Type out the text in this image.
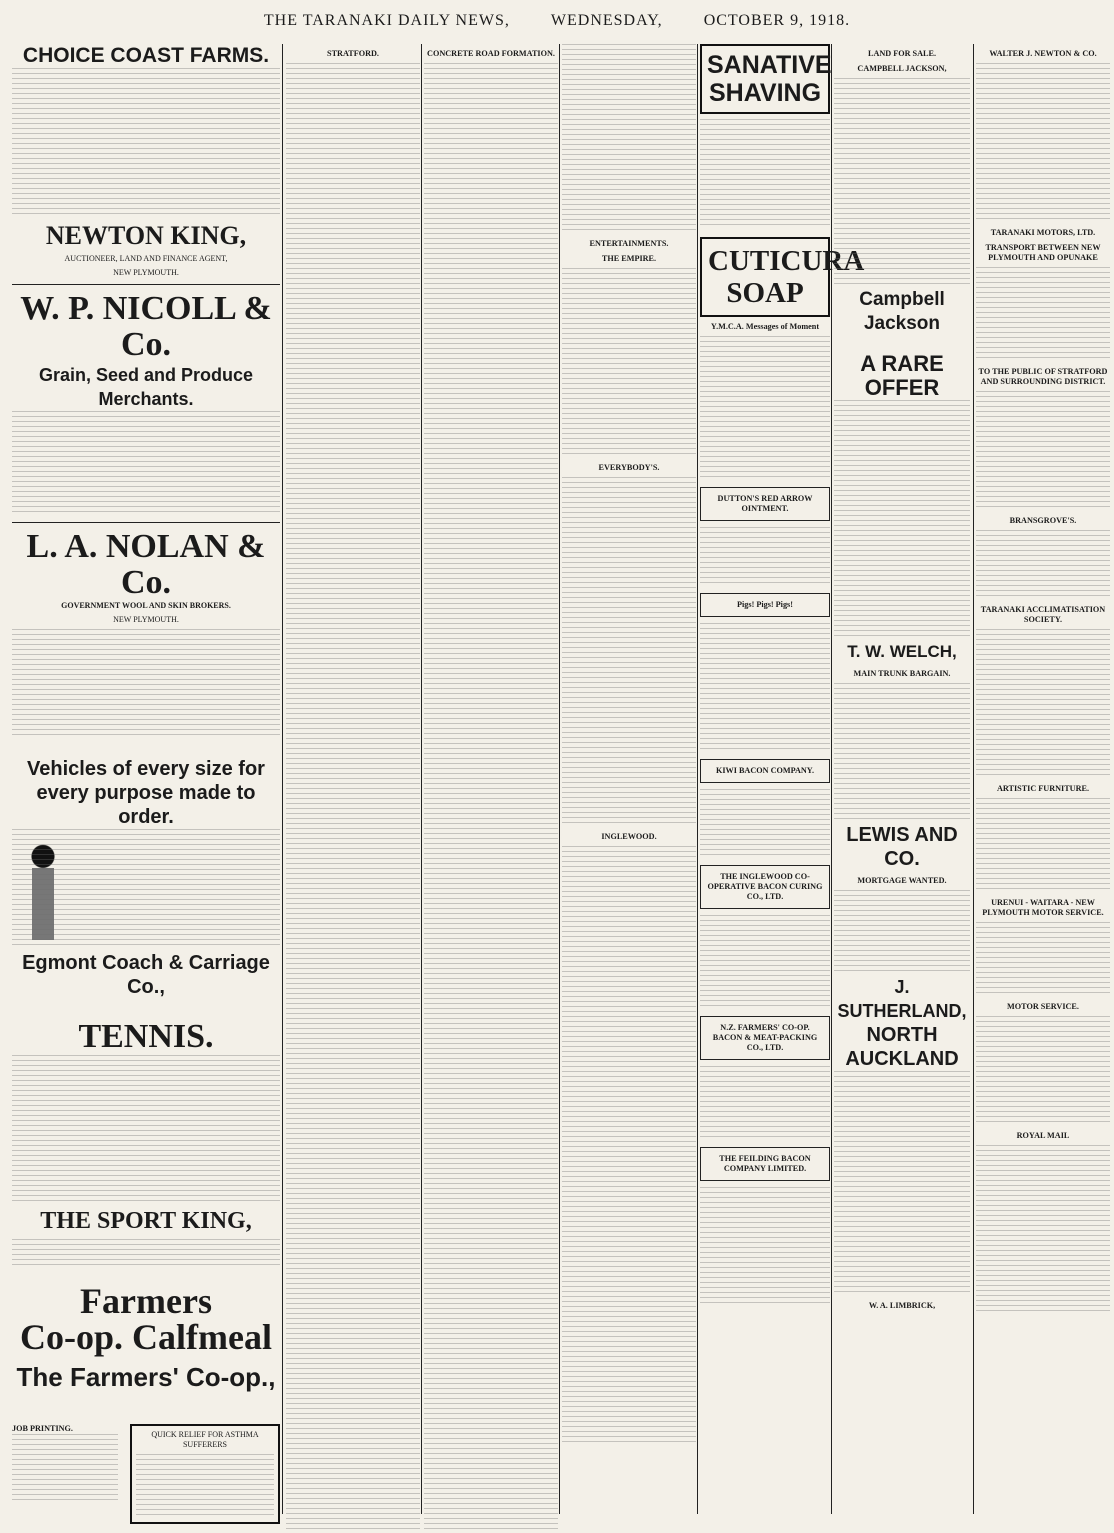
THE TARANAKI DAILY NEWS,	WEDNESDAY,	OCTOBER 9, 1918.
CHOICE COAST FARMS.
NEWTON KING,
AUCTIONEER, LAND AND FINANCE AGENT,
NEW PLYMOUTH.
W. P. NICOLL & Co.
Grain, Seed and Produce Merchants.
L. A. NOLAN & Co.
GOVERNMENT WOOL AND SKIN BROKERS.
NEW PLYMOUTH.
Vehicles of every size for every purpose made to order.
Egmont Coach & Carriage Co.,
TENNIS.
THE SPORT KING,
Farmers
Co-op. Calfmeal
The Farmers' Co-op.,
JOB PRINTING.
QUICK RELIEF FOR ASTHMA SUFFERERS
STRATFORD.	CONCRETE ROAD FORMATION.
ENTERTAINMENTS.
THE EMPIRE.
EVERYBODY'S.
INGLEWOOD.
SANATIVE SHAVING
CUTICURA SOAP
Y.M.C.A. Messages of Moment
DUTTON'S RED ARROW OINTMENT.
Pigs! Pigs! Pigs!
KIWI BACON COMPANY.
THE INGLEWOOD CO-OPERATIVE BACON CURING CO., LTD.
N.Z. FARMERS' CO-OP. BACON & MEAT-PACKING CO., LTD.
THE FEILDING BACON COMPANY LIMITED.
LAND FOR SALE.
CAMPBELL JACKSON,
Campbell Jackson
A RARE OFFER
T. W. WELCH,
MAIN TRUNK BARGAIN.
LEWIS AND CO.
MORTGAGE WANTED.
J. SUTHERLAND,
NORTH AUCKLAND
W. A. LIMBRICK,
WALTER J. NEWTON & CO.
TARANAKI MOTORS, LTD.
TRANSPORT BETWEEN NEW PLYMOUTH AND OPUNAKE
TO THE PUBLIC OF STRATFORD AND SURROUNDING DISTRICT.
BRANSGROVE'S.
TARANAKI ACCLIMATISATION SOCIETY.
ARTISTIC FURNITURE.
URENUI - WAITARA - NEW PLYMOUTH MOTOR SERVICE.
MOTOR SERVICE.
ROYAL MAIL
